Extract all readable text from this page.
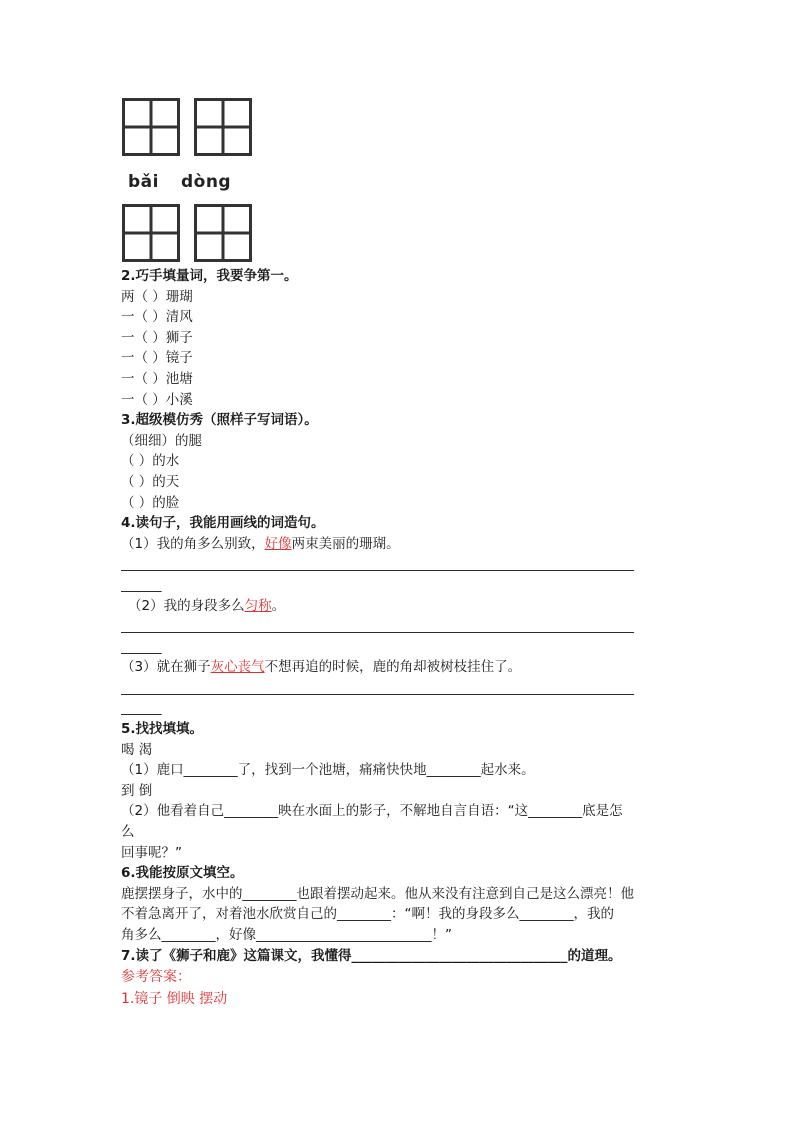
bǎi dòng
2.巧手填量词，我要争第一。
两（ ）珊瑚
一（ ）清风
一（ ）狮子
一（ ）镜子
一（ ）池塘
一（ ）小溪
3.超级模仿秀（照样子写词语）。
（细细）的腿
（ ）的水
（ ）的天
（ ）的脸
4.读句子，我能用画线的词造句。
（1）我的角多么别致，好像两束美丽的珊瑚。
____________________________________________________________________________
______
（2）我的身段多么匀称。
____________________________________________________________________________
______
（3）就在狮子灰心丧气不想再追的时候，鹿的角却被树枝挂住了。
____________________________________________________________________________
______
5.找找填填。
喝 渴
（1）鹿口________了，找到一个池塘，痛痛快快地________起水来。
到 倒
（2）他看着自己________映在水面上的影子，不解地自言自语：“这________底是怎
么
回事呢？”
6.我能按原文填空。
鹿摆摆身子，水中的________也跟着摆动起来。他从来没有注意到自己是这么漂亮！他
不着急离开了，对着池水欣赏自己的________：“啊！我的身段多么________，我的
角多么________，好像__________________________！”
7.读了《狮子和鹿》这篇课文，我懂得________________________________的道理。
参考答案：
1.镜子 倒映 摆动
